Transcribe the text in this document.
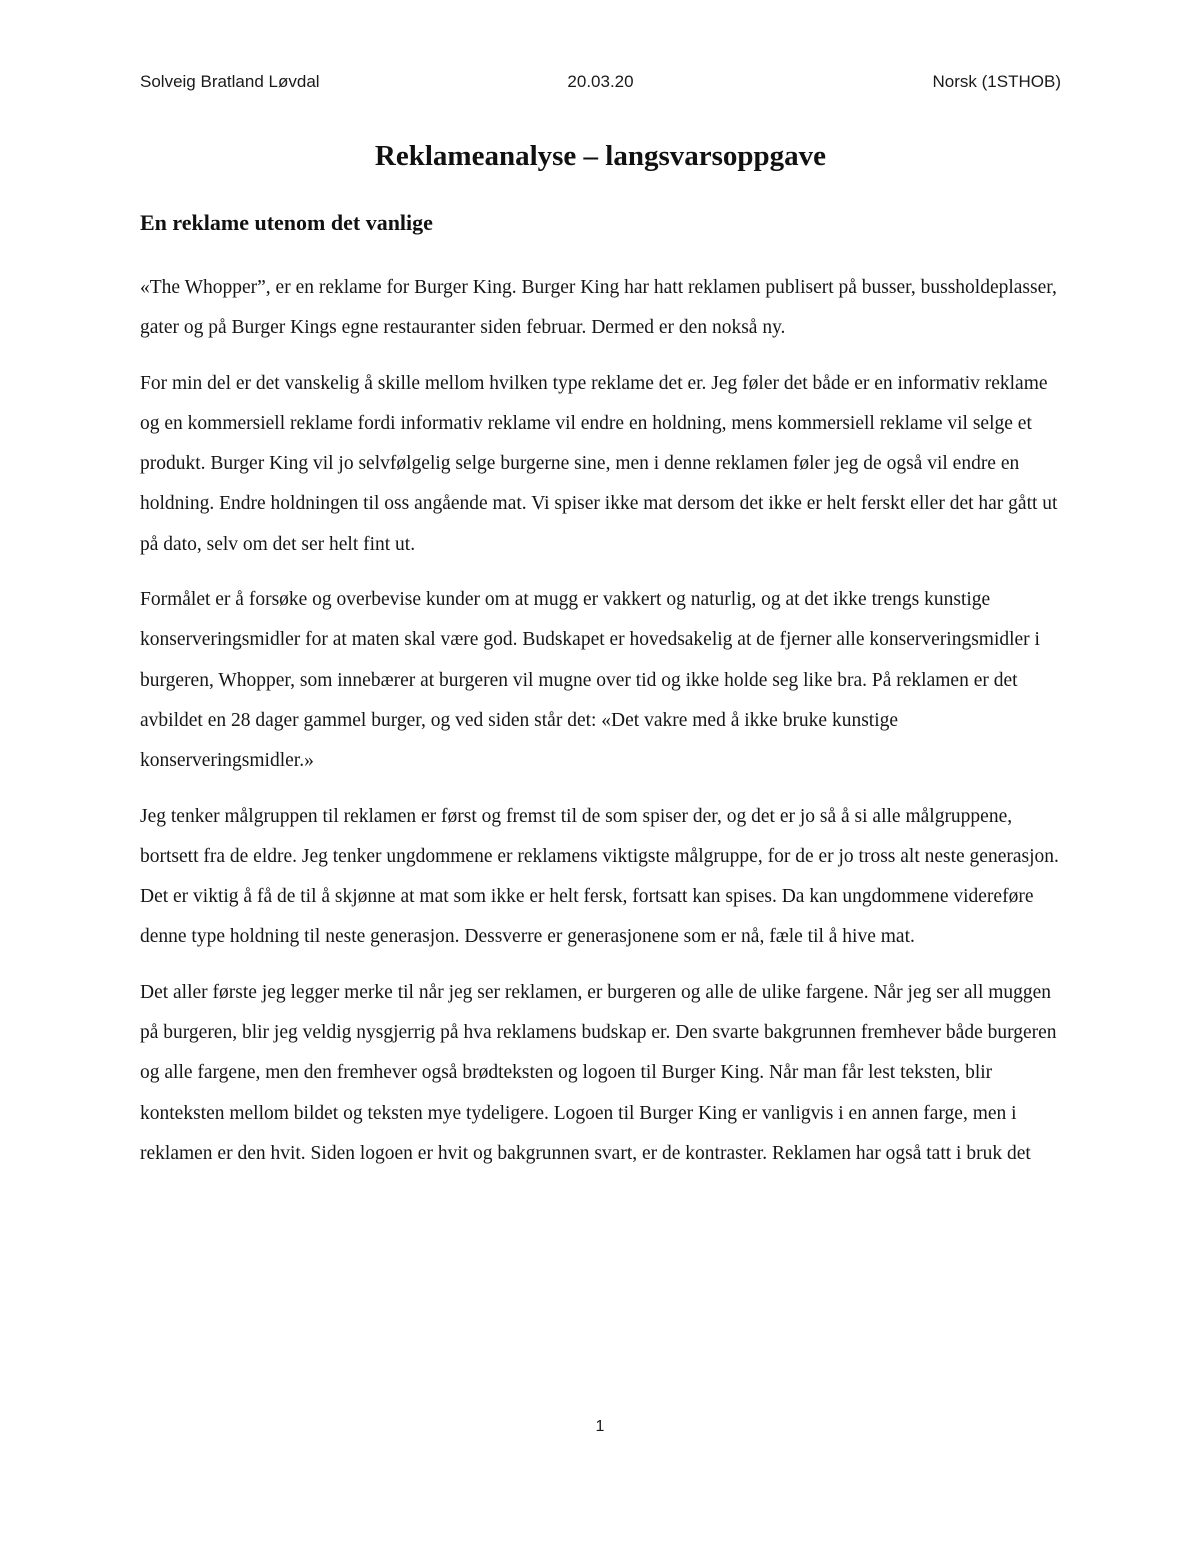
Solveig Bratland Løvdal	20.03.20	Norsk (1STHOB)
Reklameanalyse – langsvarsoppgave
En reklame utenom det vanlige

«The Whopper”, er en reklame for Burger King. Burger King har hatt reklamen publisert på busser, bussholdeplasser, gater og på Burger Kings egne restauranter siden februar. Dermed er den nokså ny.

For min del er det vanskelig å skille mellom hvilken type reklame det er. Jeg føler det både er en informativ reklame og en kommersiell reklame fordi informativ reklame vil endre en holdning, mens kommersiell reklame vil selge et produkt. Burger King vil jo selvfølgelig selge burgerne sine, men i denne reklamen føler jeg de også vil endre en holdning. Endre holdningen til oss angående mat. Vi spiser ikke mat dersom det ikke er helt ferskt eller det har gått ut på dato, selv om det ser helt fint ut.

Formålet er å forsøke og overbevise kunder om at mugg er vakkert og naturlig, og at det ikke trengs kunstige konserveringsmidler for at maten skal være god. Budskapet er hovedsakelig at de fjerner alle konserveringsmidler i burgeren, Whopper, som innebærer at burgeren vil mugne over tid og ikke holde seg like bra. På reklamen er det avbildet en 28 dager gammel burger, og ved siden står det: «Det vakre med å ikke bruke kunstige konserveringsmidler.»

Jeg tenker målgruppen til reklamen er først og fremst til de som spiser der, og det er jo så å si alle målgruppene, bortsett fra de eldre. Jeg tenker ungdommene er reklamens viktigste målgruppe, for de er jo tross alt neste generasjon. Det er viktig å få de til å skjønne at mat som ikke er helt fersk, fortsatt kan spises. Da kan ungdommene videreføre denne type holdning til neste generasjon. Dessverre er generasjonene som er nå, fæle til å hive mat.

Det aller første jeg legger merke til når jeg ser reklamen, er burgeren og alle de ulike fargene. Når jeg ser all muggen på burgeren, blir jeg veldig nysgjerrig på hva reklamens budskap er. Den svarte bakgrunnen fremhever både burgeren og alle fargene, men den fremhever også brødteksten og logoen til Burger King. Når man får lest teksten, blir konteksten mellom bildet og teksten mye tydeligere. Logoen til Burger King er vanligvis i en annen farge, men i reklamen er den hvit. Siden logoen er hvit og bakgrunnen svart, er de kontraster. Reklamen har også tatt i bruk det

1
